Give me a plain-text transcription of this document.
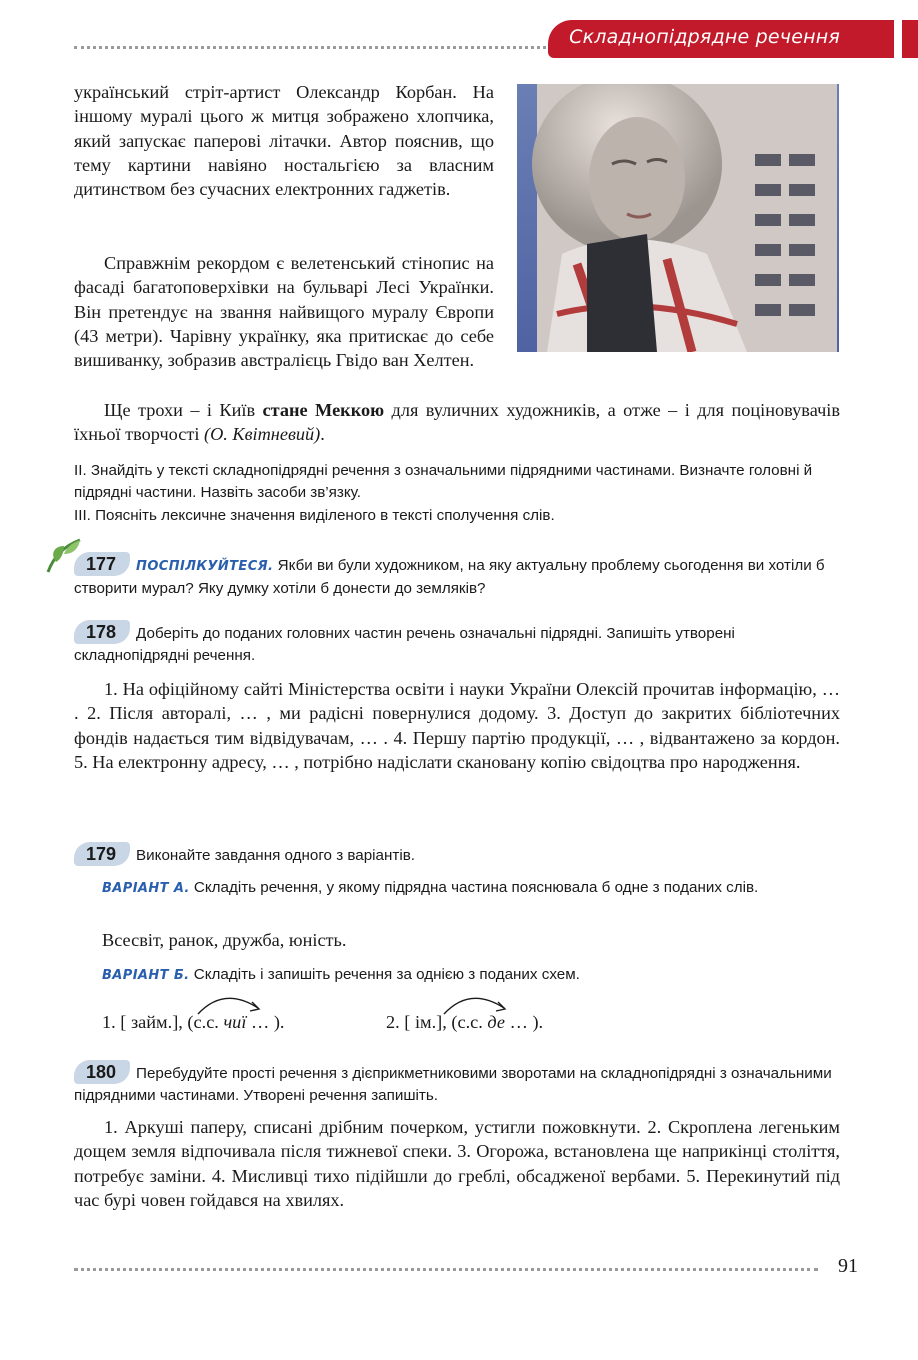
Складнопідрядне речення

український стріт-артист Олександр Корбан. На іншому муралі цього ж митця зображено хлопчика, який запускає паперові літачки. Автор пояснив, що тему картини навіяно ностальгією за власним дитинством без сучасних електронних гаджетів.

Справжнім рекордом є велетенський стінопис на фасаді багатоповерхівки на бульварі Лесі Українки. Він претендує на звання найвищого муралу Європи (43 метри). Чарівну українку, яка притискає до себе вишиванку, зобразив австралієць Гвідо ван Хелтен.

Ще трохи – і Київ стане Меккою для вуличних художників, а отже – і для поціновувачів їхньої творчості (О. Квітневий).

II. Знайдіть у тексті складнопідрядні речення з означальними підрядними частинами. Визначте головні й підрядні частини. Назвіть засоби зв’язку.

III. Поясніть лексичне значення виділеного в тексті сполучення слів.

177 ПОСПІЛКУЙТЕСЯ. Якби ви були художником, на яку актуальну проблему сьогодення ви хотіли б створити мурал? Яку думку хотіли б донести до земляків?

178 Доберіть до поданих головних частин речень означальні підрядні. Запишіть утворені складнопідрядні речення.

1. На офіційному сайті Міністерства освіти і науки України Олексій прочитав інформацію, … . 2. Після авторалі, … , ми радісні повернулися додому. 3. Доступ до закритих бібліотечних фондів надається тим відвідувачам, … . 4. Першу партію продукції, … , відвантажено за кордон. 5. На електронну адресу, … , потрібно надіслати скановану копію свідоцтва про народження.

179 Виконайте завдання одного з варіантів.

ВАРІАНТ А. Складіть речення, у якому підрядна частина пояснювала б одне з поданих слів.

Всесвіт, ранок, дружба, юність.

ВАРІАНТ Б. Складіть і запишіть речення за однією з поданих схем.

1. [ займ.], (с.с. чиї … ).	2. [ ім.], (с.с. де … ).

180 Перебудуйте прості речення з дієприкметниковими зворотами на складнопідрядні з означальними підрядними частинами. Утворені речення запишіть.

1. Аркуші паперу, списані дрібним почерком, устигли пожовкнути. 2. Скроплена легеньким дощем земля відпочивала після тижневої спеки. 3. Огорожа, встановлена ще наприкінці століття, потребує заміни. 4. Мисливці тихо підійшли до греблі, обсадженої вербами. 5. Перекинутий під час бурі човен гойдався на хвилях.

91
